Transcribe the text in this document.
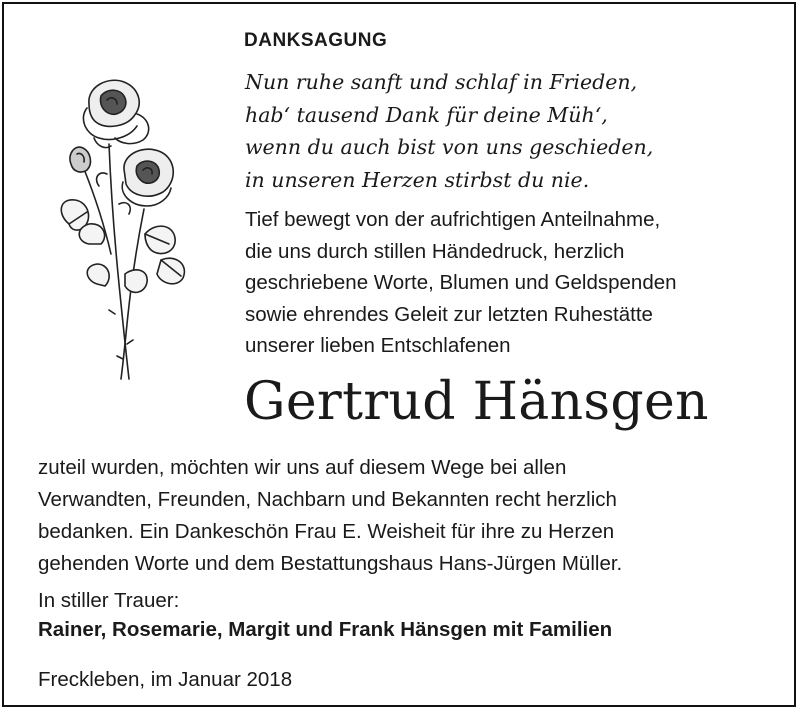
DANKSAGUNG
Nun ruhe sanft und schlaf in Frieden,
hab‘ tausend Dank für deine Müh‘,
wenn du auch bist von uns geschieden,
in unseren Herzen stirbst du nie.
Tief bewegt von der aufrichtigen Anteilnahme,
die uns durch stillen Händedruck, herzlich
geschriebene Worte, Blumen und Geldspenden
sowie ehrendes Geleit zur letzten Ruhestätte
unserer lieben Entschlafenen
Gertrud Hänsgen
zuteil wurden, möchten wir uns auf diesem Wege bei allen
Verwandten, Freunden, Nachbarn und Bekannten recht herzlich
bedanken. Ein Dankeschön Frau E. Weisheit für ihre zu Herzen
gehenden Worte und dem Bestattungshaus Hans-Jürgen Müller.

In stiller Trauer:

Rainer, Rosemarie, Margit und Frank Hänsgen mit Familien

Freckleben, im Januar 2018
